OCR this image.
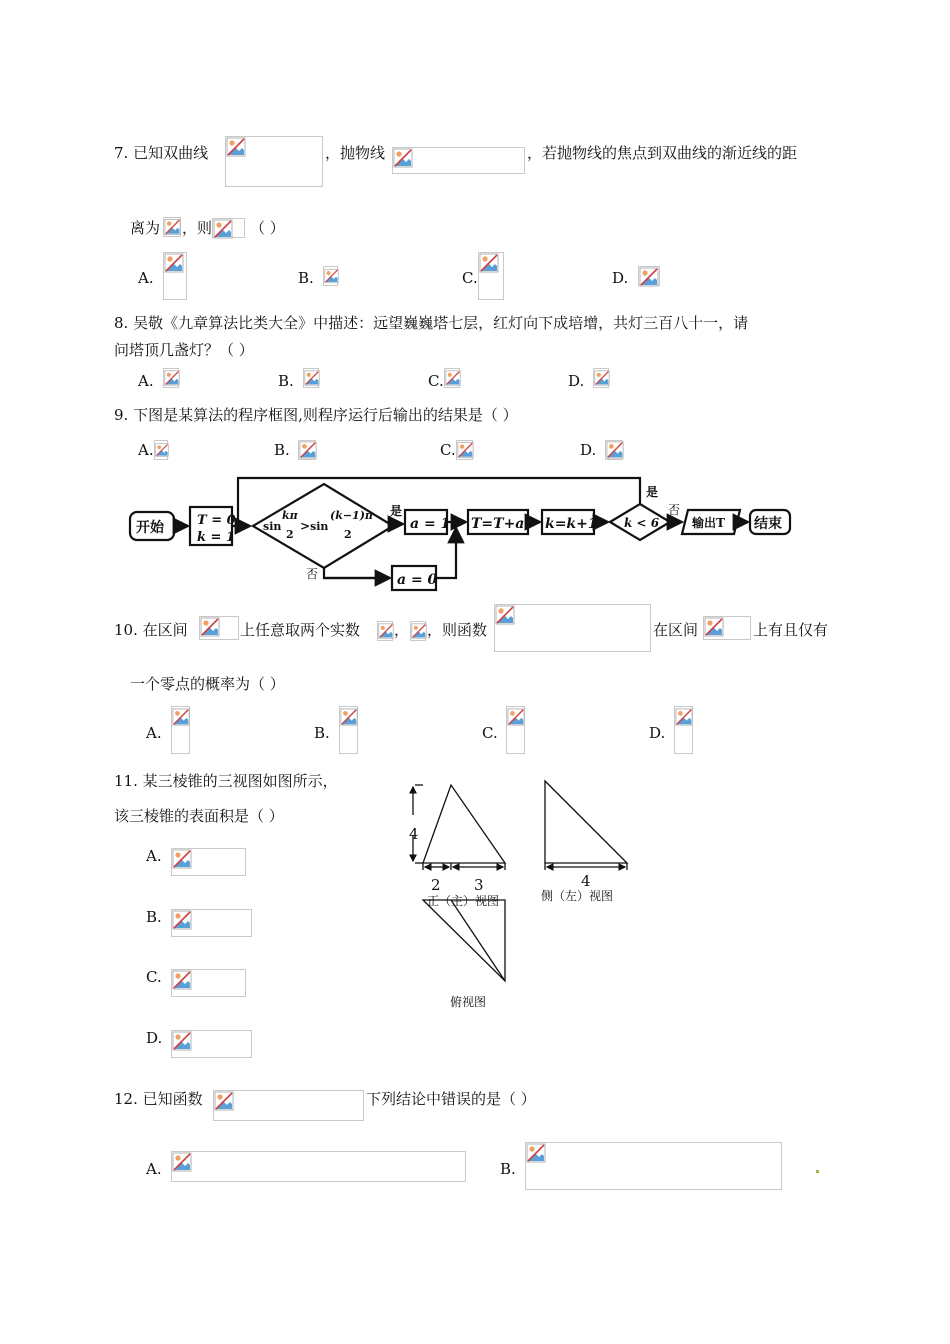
7. 已知双曲线	，抛物线	，若抛物线的焦点到双曲线的渐近线的距
离为 ，则	（ ）
A.	B.	C.	D.
8. 吴敬《九章算法比类大全》中描述：远望巍巍塔七层，红灯向下成培增，共灯三百八十一，请
问塔顶几盏灯？（ ）
A.	B.	C.	D.
9. 下图是某算法的程序框图,则程序运行后输出的结果是（ ）
A.	B.	C.	D.
开始	T = 0
k = 1
sin
kπ
2
> sin
(k−1)π
2
是
否
a = 1
a = 0
T=T+a k=k+1 k < 6
是
否
输出T 结束
10. 在区间	上任意取两个实数 ， ，则函数	在区间	上有且仅有
一个零点的概率为（ ）
A.	B.	C.	D.
11. 某三棱锥的三视图如图所示，
该三棱锥的表面积是（ ）
A.
B.
C.
D.
4
2 3
正（主）视图
4
侧（左）视图
俯视图
12. 已知函数	下列结论中错误的是（ ）
A.	B.
